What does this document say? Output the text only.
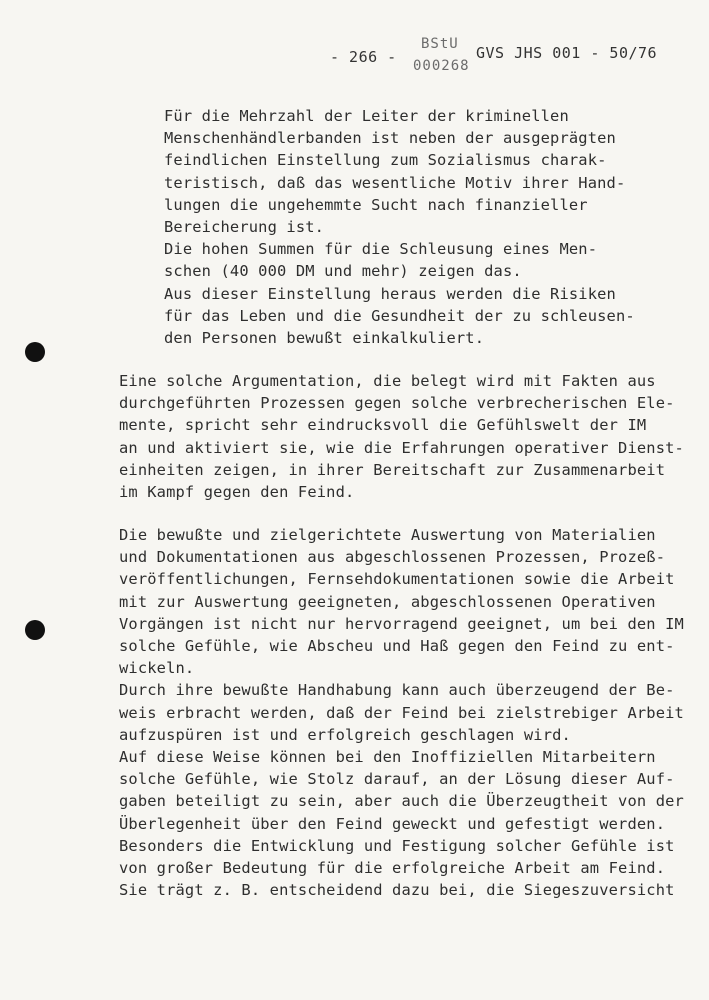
- 266 -
BStU
000268
GVS JHS 001 - 50/76
Für die Mehrzahl der Leiter der kriminellen
Menschenhändlerbanden ist neben der ausgeprägten
feindlichen Einstellung zum Sozialismus charak-
teristisch, daß das wesentliche Motiv ihrer Hand-
lungen die ungehemmte Sucht nach finanzieller
Bereicherung ist.
Die hohen Summen für die Schleusung eines Men-
schen (40 000 DM und mehr) zeigen das.
Aus dieser Einstellung heraus werden die Risiken
für das Leben und die Gesundheit der zu schleusen-
den Personen bewußt einkalkuliert.
Eine solche Argumentation, die belegt wird mit Fakten aus
durchgeführten Prozessen gegen solche verbrecherischen Ele-
mente, spricht sehr eindrucksvoll die Gefühlswelt der IM
an und aktiviert sie, wie die Erfahrungen operativer Dienst-
einheiten zeigen, in ihrer Bereitschaft zur Zusammenarbeit
im Kampf gegen den Feind.
Die bewußte und zielgerichtete Auswertung von Materialien
und Dokumentationen aus abgeschlossenen Prozessen, Prozeß-
veröffentlichungen, Fernsehdokumentationen sowie die Arbeit
mit zur Auswertung geeigneten, abgeschlossenen Operativen
Vorgängen ist nicht nur hervorragend geeignet, um bei den IM
solche Gefühle, wie Abscheu und Haß gegen den Feind zu ent-
wickeln.
Durch ihre bewußte Handhabung kann auch überzeugend der Be-
weis erbracht werden, daß der Feind bei zielstrebiger Arbeit
aufzuspüren ist und erfolgreich geschlagen wird.
Auf diese Weise können bei den Inoffiziellen Mitarbeitern
solche Gefühle, wie Stolz darauf, an der Lösung dieser Auf-
gaben beteiligt zu sein, aber auch die Überzeugtheit von der
Überlegenheit über den Feind geweckt und gefestigt werden.
Besonders die Entwicklung und Festigung solcher Gefühle ist
von großer Bedeutung für die erfolgreiche Arbeit am Feind.
Sie trägt z. B. entscheidend dazu bei, die Siegeszuversicht
